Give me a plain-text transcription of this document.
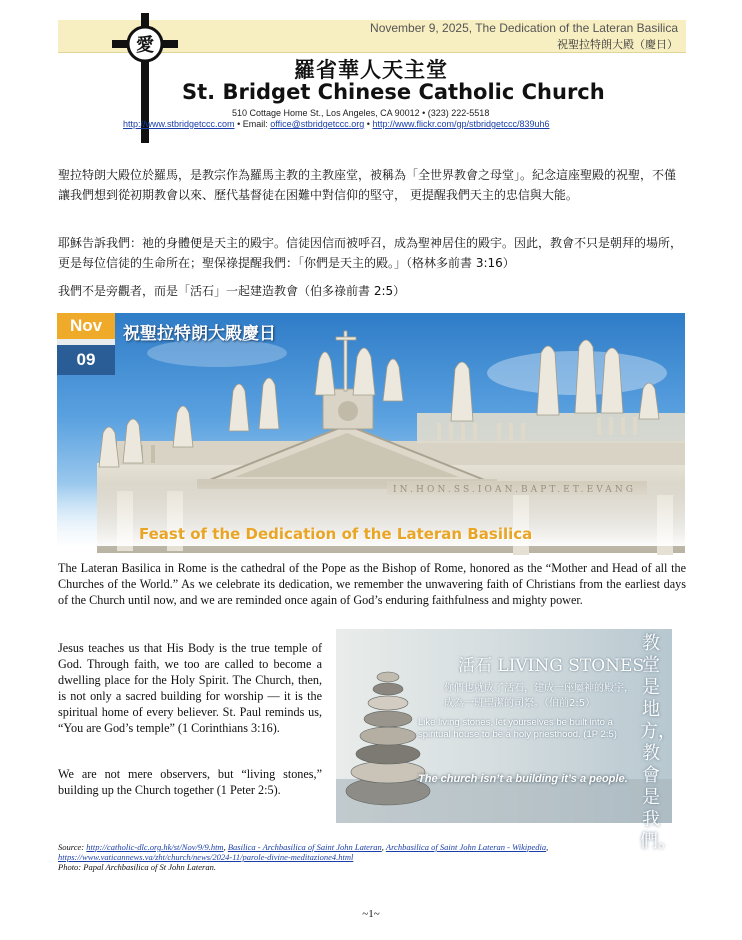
November 9, 2025, The Dedication of the Lateran Basilica
祝聖拉特朗大殿（慶日）
愛
羅省華人天主堂
St. Bridget Chinese Catholic Church
510 Cottage Home St., Los Angeles, CA 90012 • (323) 222-5518
http://www.stbridgetccc.com • Email: office@stbridgetccc.org • http://www.flickr.com/gp/stbridgetccc/839uh6

聖拉特朗大殿位於羅馬，是教宗作為羅馬主教的主教座堂，被稱為「全世界教會之母堂」。紀念這座聖殿的祝聖，不僅讓我們想到從初期教會以來、歷代基督徒在困難中對信仰的堅守， 更提醒我們天主的忠信與大能。

耶穌告訴我們：祂的身體便是天主的殿宇。信徒因信而被呼召，成為聖神居住的殿宇。因此，教會不只是朝拜的場所，更是每位信徒的生命所在；聖保祿提醒我們：「你們是天主的殿。」（格林多前書 3:16）

我們不是旁觀者，而是「活石」一起建造教會（伯多祿前書 2:5）

Nov
09
祝聖拉特朗大殿慶日
Feast of the Dedication of the Lateran Basilica

The Lateran Basilica in Rome is the cathedral of the Pope as the Bishop of Rome, honored as the “Mother and Head of all the Churches of the World.” As we celebrate its dedication, we remember the unwavering faith of Christians from the earliest days of the Church until now, and we are reminded once again of God’s enduring faithfulness and mighty power.

Jesus teaches us that His Body is the true temple of God. Through faith, we too are called to become a dwelling place for the Holy Spirit. The Church, then, is not only a sacred building for worship — it is the spiritual home of every believer. St. Paul reminds us, “You are God’s temple” (1 Corinthians 3:16).

We are not mere observers, but “living stones,” building up the Church together (1 Peter 2:5).

活石 LIVING STONES
你們也就成了活石，建成一座屬神的殿宇，成為一班聖潔的司祭。（伯前2:5）
Like living stones, let yourselves be built into a spiritual house to be a holy priesthood. (1P 2:5)
The church isn’t a building it’s a people.
教堂是地方，教會是我們。
Source: http://catholic-dlc.org.hk/st/Nov/9/9.htm, Basilica - Archbasilica of Saint John Lateran, Archbasilica of Saint John Lateran - Wikipedia, https://www.vaticannews.va/zht/church/news/2024-11/parole-divine-meditazione4.html
Photo: Papal Archbasilica of St John Lateran.
~1~
